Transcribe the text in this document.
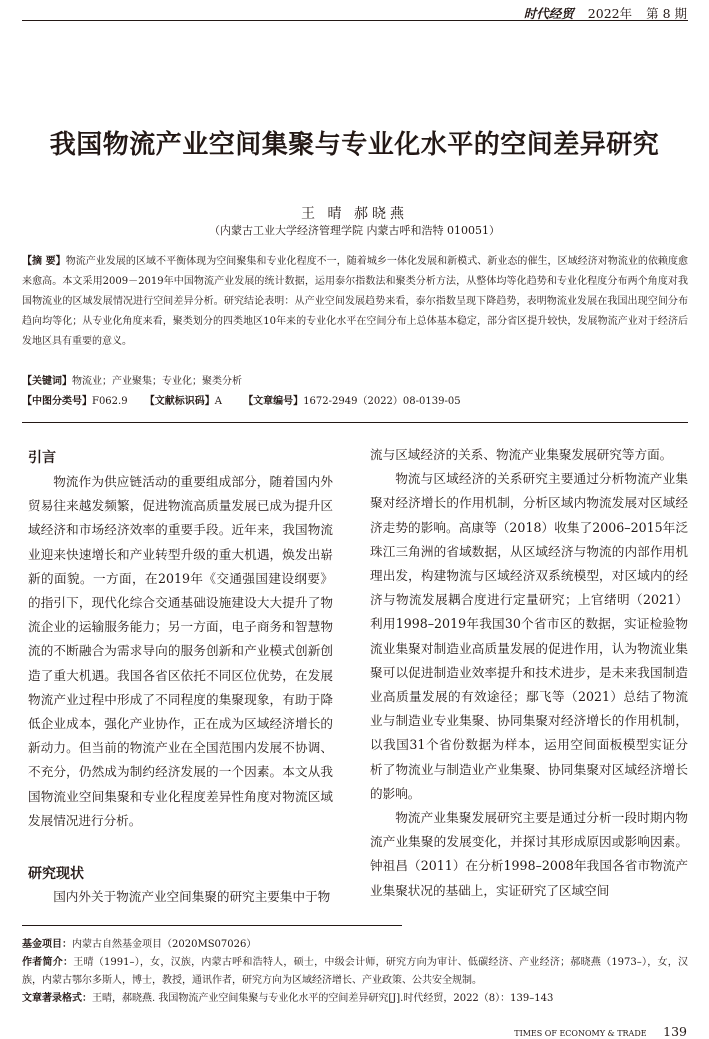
时代经贸 2022年 第 8 期
我国物流产业空间集聚与专业化水平的空间差异研究
王 晴 郝晓燕
（内蒙古工业大学经济管理学院 内蒙古呼和浩特 010051）
【摘 要】物流产业发展的区域不平衡体现为空间聚集和专业化程度不一，随着城乡一体化发展和新模式、新业态的催生，区域经济对物流业的依赖度愈来愈高。本文采用2009－2019年中国物流产业发展的统计数据，运用泰尔指数法和聚类分析方法，从整体均等化趋势和专业化程度分布两个角度对我国物流业的区域发展情况进行空间差异分析。研究结论表明：从产业空间发展趋势来看，泰尔指数呈现下降趋势，表明物流业发展在我国出现空间分布趋向均等化；从专业化角度来看，聚类划分的四类地区10年来的专业化水平在空间分布上总体基本稳定，部分省区提升较快，发展物流产业对于经济后发地区具有重要的意义。
【关键词】物流业；产业聚集；专业化；聚类分析
【中图分类号】F062.9 【文献标识码】A 【文章编号】1672-2949（2022）08-0139-05
引言

物流作为供应链活动的重要组成部分，随着国内外贸易往来越发频繁，促进物流高质量发展已成为提升区域经济和市场经济效率的重要手段。近年来，我国物流业迎来快速增长和产业转型升级的重大机遇，焕发出崭新的面貌。一方面，在2019年《交通强国建设纲要》的指引下，现代化综合交通基础设施建设大大提升了物流企业的运输服务能力；另一方面，电子商务和智慧物流的不断融合为需求导向的服务创新和产业模式创新创造了重大机遇。我国各省区依托不同区位优势，在发展物流产业过程中形成了不同程度的集聚现象，有助于降低企业成本，强化产业协作，正在成为区域经济增长的新动力。但当前的物流产业在全国范围内发展不协调、不充分，仍然成为制约经济发展的一个因素。本文从我国物流业空间集聚和专业化程度差异性角度对物流区域发展情况进行分析。

研究现状

国内外关于物流产业空间集聚的研究主要集中于物

流与区域经济的关系、物流产业集聚发展研究等方面。

物流与区域经济的关系研究主要通过分析物流产业集聚对经济增长的作用机制，分析区域内物流发展对区域经济走势的影响。高康等（2018）收集了2006–2015年泛珠江三角洲的省域数据，从区域经济与物流的内部作用机理出发，构建物流与区域经济双系统模型，对区域内的经济与物流发展耦合度进行定量研究；上官绪明（2021）利用1998–2019年我国30个省市区的数据，实证检验物流业集聚对制造业高质量发展的促进作用，认为物流业集聚可以促进制造业效率提升和技术进步，是未来我国制造业高质量发展的有效途径；鄢飞等（2021）总结了物流业与制造业专业集聚、协同集聚对经济增长的作用机制，以我国31个省份数据为样本，运用空间面板模型实证分析了物流业与制造业产业集聚、协同集聚对区域经济增长的影响。

物流产业集聚发展研究主要是通过分析一段时期内物流产业集聚的发展变化，并探讨其形成原因或影响因素。钟祖昌（2011）在分析1998–2008年我国各省市物流产业集聚状况的基础上，实证研究了区域空间

基金项目：内蒙古自然基金项目（2020MS07026）
作者简介：王晴（1991–），女，汉族，内蒙古呼和浩特人，硕士，中级会计师，研究方向为审计、低碳经济、产业经济；郝晓燕（1973–），女，汉族，内蒙古鄂尔多斯人，博士，教授，通讯作者，研究方向为区域经济增长、产业政策、公共安全规制。
文章著录格式：王晴，郝晓燕. 我国物流产业空间集聚与专业化水平的空间差异研究[J].时代经贸，2022（8）：139–143
TIMES OF ECONOMY & TRADE 139
